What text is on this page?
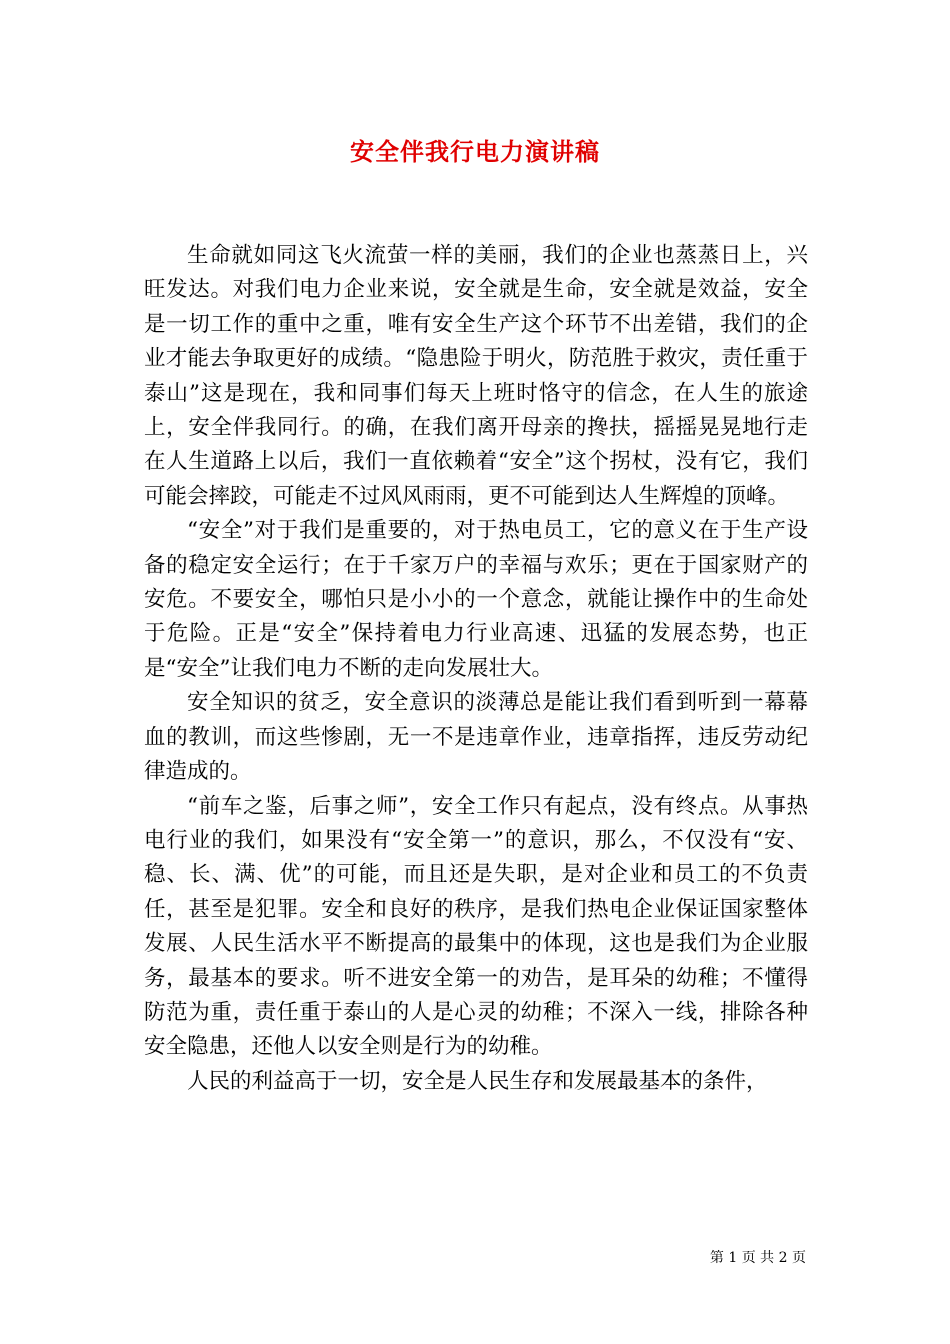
安全伴我行电力演讲稿

生命就如同这飞火流萤一样的美丽，我们的企业也蒸蒸日上，兴旺发达。对我们电力企业来说，安全就是生命，安全就是效益，安全是一切工作的重中之重，唯有安全生产这个环节不出差错，我们的企业才能去争取更好的成绩。“隐患险于明火，防范胜于救灾，责任重于泰山”这是现在，我和同事们每天上班时恪守的信念，在人生的旅途上，安全伴我同行。的确，在我们离开母亲的搀扶，摇摇晃晃地行走在人生道路上以后，我们一直依赖着“安全”这个拐杖，没有它，我们可能会摔跤，可能走不过风风雨雨，更不可能到达人生辉煌的顶峰。

“安全”对于我们是重要的，对于热电员工，它的意义在于生产设备的稳定安全运行；在于千家万户的幸福与欢乐；更在于国家财产的安危。不要安全，哪怕只是小小的一个意念，就能让操作中的生命处于危险。正是“安全”保持着电力行业高速、迅猛的发展态势，也正是“安全”让我们电力不断的走向发展壮大。

安全知识的贫乏，安全意识的淡薄总是能让我们看到听到一幕幕血的教训，而这些惨剧，无一不是违章作业，违章指挥，违反劳动纪律造成的。

“前车之鉴，后事之师”，安全工作只有起点，没有终点。从事热电行业的我们，如果没有“安全第一”的意识，那么，不仅没有“安、稳、长、满、优”的可能，而且还是失职，是对企业和员工的不负责任，甚至是犯罪。安全和良好的秩序，是我们热电企业保证国家整体发展、人民生活水平不断提高的最集中的体现，这也是我们为企业服务，最基本的要求。听不进安全第一的劝告，是耳朵的幼稚；不懂得防范为重，责任重于泰山的人是心灵的幼稚；不深入一线，排除各种安全隐患，还他人以安全则是行为的幼稚。

人民的利益高于一切，安全是人民生存和发展最基本的条件，

第 1 页 共 2 页
